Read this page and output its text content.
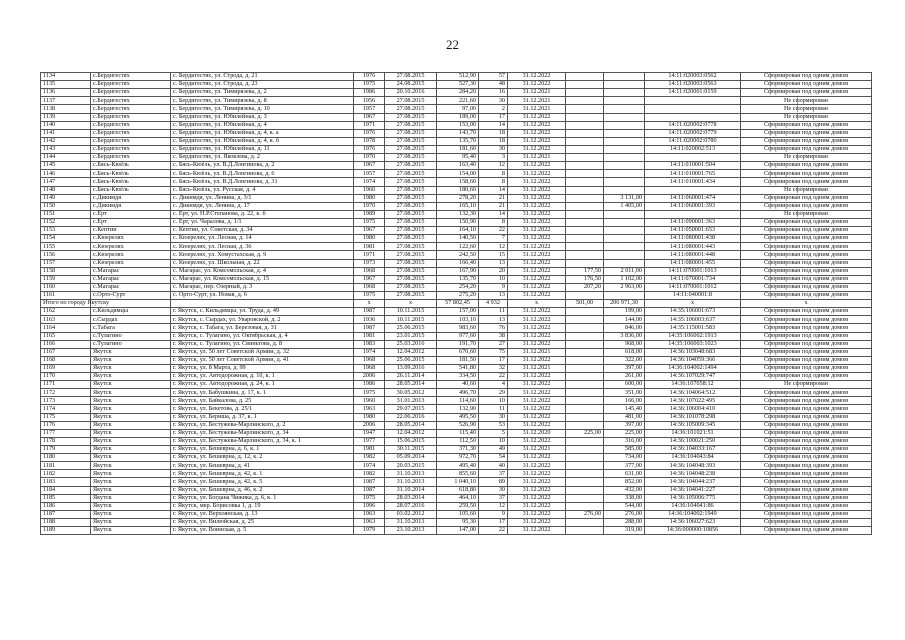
22
1134	с.Бердигестях	с. Бердигестях, ул. Строда, д. 21	1976	27.08.2015	512,90	57	31.12.2022			14:11:020003:0562	Сформирован под одним домом
1135	с.Бердигестях	с. Бердигестях, ул. Строда, д. 23	1975	24.08.2015	527,30	48	31.12.2022			14:11:020003:0563	Сформирован под одним домом
1136	с.Бердигестях	с. Бердигестях, ул. Тимирязева, д. 2	1986	20.10.2016	284,20	16	31.12.2021			14:11:020001:0159	Сформирован под одним домом
1137	с.Бердигестях	с. Бердигестях, ул. Тимирязева, д. 8	1956	27.08.2015	221,60	30	31.12.2021				Не сформирован
1138	с.Бердигестях	с. Бердигестях, ул. Тимирязева, д. 10	1957	27.08.2015	97,00	2	31.12.2021				Не сформирован
1139	с.Бердигестях	с. Бердигестях, ул. Юбилейная, д. 3	1967	27.08.2015	189,00	17	31.12.2022				Не сформирован
1140	с.Бердигестях	с. Бердигестях, ул. Юбилейная, д. 4	1971	27.08.2015	153,00	14	31.12.2022			14:11:020002:0778	Сформирован под одним домом
1141	с.Бердигестях	с. Бердигестях, ул. Юбилейная, д. 4, к. а	1976	27.08.2015	143,70	18	31.12.2022			14:11:020002:0779	Сформирован под одним домом
1142	с.Бердигестях	с. Бердигестях, ул. Юбилейная, д. 4, к. б	1978	27.08.2015	135,70	18	31.12.2022			14:11:020002:0780	Сформирован под одним домом
1143	с.Бердигестях	с. Бердигестях, ул. Юбилейная, д. 11	1976	27.08.2015	181,60	30	31.12.2022			14:11:020002:513	Сформирован под одним домом
1144	с.Бердигестях	с. Бердигестях, ул. Яковлева, д. 2	1970	27.08.2015	95,40	3	31.12.2021				Не сформирован
1145	с.Бясь-Кюёль	с. Бясь-Кюёль, ул. В.Д.Лонгинова, д. 2	1967	27.08.2015	163,40	12	31.12.2022			14:11:010001:504	Сформирован под одним домом
1146	с.Бясь-Кюёль	с. Бясь-Кюёль, ул. В.Д.Лонгинова, д. 6	1957	27.08.2015	154,00	8	31.12.2022			14:11:010001:765	Сформирован под одним домом
1147	с.Бясь-Кюёль	с. Бясь-Кюёль, ул. В.Д.Лонгинова, д. 31	1974	27.08.2015	158,60	8	31.12.2022			14:11:010001:434	Сформирован под одним домом
1148	с.Бясь-Кюёль	с. Бясь-Кюёль, ул. Русская, д. 4	1960	27.08.2015	180,60	14	31.12.2022				Не сформирован
1149	с.Дикимдя	с. Дикимдя, ул. Ленина, д. 3/1	1980	27.08.2015	278,20	21	31.12.2022		3 131,00	14:11:060001:474	Сформирован под одним домом
1150	с.Дикимдя	с. Дикимдя, ул. Ленина, д. 17	1970	27.08.2015	165,10	21	31.12.2022		1 405,00	14:11:060001:393	Сформирован под одним домом
1151	с.Ерт	с. Ерт, ул. Н.Р.Степанова, д. 22, к. б	1989	27.08.2015	132,30	14	31.12.2022				Не сформирован
1152	с.Ерт	с. Ерт, ул. Чаралова, д. 1/1	1975	27.08.2015	150,90	8	31.12.2022			14:11:090001:363	Сформирован под одним домом
1153	с.Кептин	с. Кептин, ул. Советская, д. 34	1967	27.08.2015	164,10	22	31.12.2022			14:11:050001:653	Сформирован под одним домом
1154	с.Кюерелях	с. Кюерелях, ул. Лесная, д. 14	1980	27.08.2015	140,50	7	31.12.2022			14:11:080001:438	Сформирован под одним домом
1155	с.Кюерелях	с. Кюерелях, ул. Лесная, д. 36	1981	27.08.2015	122,60	12	31.12.2022			14:11:080001:443	Сформирован под одним домом
1156	с.Кюерелях	с. Кюерелях, ул. Хомустахская, д. 9	1971	27.08.2015	242,50	15	31.12.2022			14:11:080001:448	Сформирован под одним домом
1157	с.Кюерелях	с. Кюерелях, ул. Школьная, д. 22	1973	27.08.2015	166,40	13	31.12.2022			14:11:080001:455	Сформирован под одним домом
1158	с.Магарас	с. Магарас, ул. Комсомольская, д. 4	1968	27.08.2015	167,90	20	31.12.2022	177,50	2 011,00	14:11:070001:1013	Сформирован под одним домом
1159	с.Магарас	с. Магарас, ул. Комсомольская, д. 15	1967	27.08.2015	135,70	10	31.12.2022	176,50	1 102,00	14:11:070001:734	Сформирован под одним домом
1160	с.Магарас	с. Магарас, пер. Озерный, д. 3	1968	27.08.2015	254,20	9	31.12.2022	207,20	2 963,00	14:11:070001:1012	Сформирован под одним домом
1161	с.Орто-Сурт	с. Орто-Сурт, ул. Новая, д. 6	1975	27.08.2015	275,20	13	31.12.2022			14:11:040001:8	Сформирован под одним домом
Итого по городу Якутску			x	x	57 802,45	4 932	x	501,00	206 971,30	x	x
1162	с.Кильдямцы	г. Якутск, с. Кильдямцы, ул. Труда, д. 49	1987	10.11.2015	157,00	11	31.12.2022		199,00	14:35:106001:673	Сформирован под одним домом
1163	с.Сырдах	г. Якутск, с. Сырдах, ул. Уваровской, д. 2	1936	10.11.2015	103,10	13	31.12.2022		144,00	14:35:106003:637	Сформирован под одним домом
1164	с.Табага	г. Якутск, с. Табага, ул. Березовая, д. 31	1987	25.06.2015	983,60	76	31.12.2022		846,00	14:35:115001:583	Сформирован под одним домом
1165	с.Тулагино	г. Якутск, с. Тулагино, ул. Октябрьская, д. 4	1981	23.01.2015	977,60	38	31.12.2022		3 836,00	14:35:106002:1913	Сформирован под одним домом
1166	с.Тулагино	г. Якутск, с. Тулагино, ул. Свиньтова, д. 8	1983	25.03.2016	191,70	27	31.12.2022		968,00	14:35:106003:1023	Сформирован под одним домом
1167	Якутск	г. Якутск, ул. 50 лет Советской Армии, д. 32	1974	12.04.2012	670,60	75	31.12.2021		618,00	14:36:103048:683	Сформирован под одним домом
1168	Якутск	г. Якутск, ул. 50 лет Советской Армии, д. 41	1968	25.06.2015	181,50	17	31.12.2022		322,00	14:36:104059:366	Сформирован под одним домом
1169	Якутск	г. Якутск, ул. 8 Марта, д. 99	1968	13.09.2016	541,80	32	31.12.2021		397,00	14:36:104002:1494	Сформирован под одним домом
1170	Якутск	г. Якутск, ул. Автодорожная, д. 10, к. 1	2006	26.11.2014	334,50	22	31.12.2022		261,00	14:36:107029:747	Сформирован под одним домом
1171	Якутск	г. Якутск, ул. Автодорожная, д. 24, к. 1	1986	28.05.2014	40,60	4	31.12.2022		600,00	14:36:107058:12	Не сформирован
1172	Якутск	г. Якутск, ул. Бабушкина, д. 17, к. 1	1975	30.05.2012	496,70	29	31.12.2022		351,00	14:36:104064:512	Сформирован под одним домом
1173	Якутск	г. Якутск, ул. Байкалова, д. 25	1960	31.01.2013	114,60	10	31.12.2022		166,00	14:36:107022:495	Сформирован под одним домом
1174	Якутск	г. Якутск, ул. Бекетова, д. 25/1	1963	29.07.2015	132,90	11	31.12.2022		145,40	14:36:106004:410	Сформирован под одним домом
1175	Якутск	г. Якутск, ул. Бернша, д. 37, к. 1	1980	22.06.2016	495,50	30	31.12.2022		481,00	14:36:101078:298	Сформирован под одним домом
1176	Якутск	г. Якутск, ул. Бестужева-Марлинского, д. 2	2006	28.05.2014	526,90	53	31.12.2022		397,00	14:36:105009:345	Сформирован под одним домом
1177	Якутск	г. Якутск, ул. Бестужева-Марлинского, д. 34	1947	12.04.2012	115,40	5	31.12.2020	225,00	225,00	14:36:101021:51	Сформирован под одним домом
1178	Якутск	г. Якутск, ул. Бестужева-Марлинского, д. 34, к. 1	1977	15.06.2015	112,50	10	31.12.2022		316,00	14:36:100021:250	Сформирован под одним домом
1179	Якутск	г. Якутск, ул. Бешеврна, д. 6, к. 1	1981	30.11.2015	371,30	49	31.12.2021		585,00	14:36:104033:167	Сформирован под одним домом
1180	Якутск	г. Якутск, ул. Бешеврна, д. 12, к. 2	1982	05.09.2014	972,70	54	31.12.2022		734,00	14:36:104043:84	Сформирован под одним домом
1181	Якутск	г. Якутск, ул. Бешеврна, д. 41	1974	20.03.2015	495,40	40	31.12.2022		377,00	14:36:104048:393	Сформирован под одним домом
1182	Якутск	г. Якутск, ул. Бешеврна, д. 42, к. 1	1982	31.10.2013	855,60	37	31.12.2022		631,00	14:36:104048:238	Сформирован под одним домом
1183	Якутск	г. Якутск, ул. Бешеврна, д. 42, к. 5	1987	31.10.2013	1 040,10	89	31.12.2022		852,00	14:36:104044:237	Сформирован под одним домом
1184	Якутск	г. Якутск, ул. Бешеврна, д. 46, к. 2	1987	31.10.2014	618,80	30	31.12.2022		432,00	14:36:104041:227	Сформирован под одним домом
1185	Якутск	г. Якутск, ул. Богдана Чижика, д. 6, к. 1	1975	28.03.2014	464,10	37	31.12.2022		338,00	14:36:105006:775	Сформирован под одним домом
1186	Якутск	г. Якутск, мкр. Борисовка 1, д. 19	1996	28.07.2016	259,50	12	31.12.2022		544,00	14:36:104041:86	Сформирован под одним домом
1187	Якутск	г. Якутск, ул. Верхоянская, д. 13	1963	03.02.2012	105,60	9	31.12.2022	276,00	276,00	14:36:104002:1949	Сформирован под одним домом
1188	Якутск	г. Якутск, ул. Вилюйская, д. 25	1963	31.10.2013	95,30	17	31.12.2022		288,00	14:36:106027:623	Сформирован под одним домом
1189	Якутск	г. Якутск, ул. Воинская, д. 5	1979	23.10.2013	147,00	22	31.12.2022		319,00	14:36:000000:10856	Сформирован под одним домом
